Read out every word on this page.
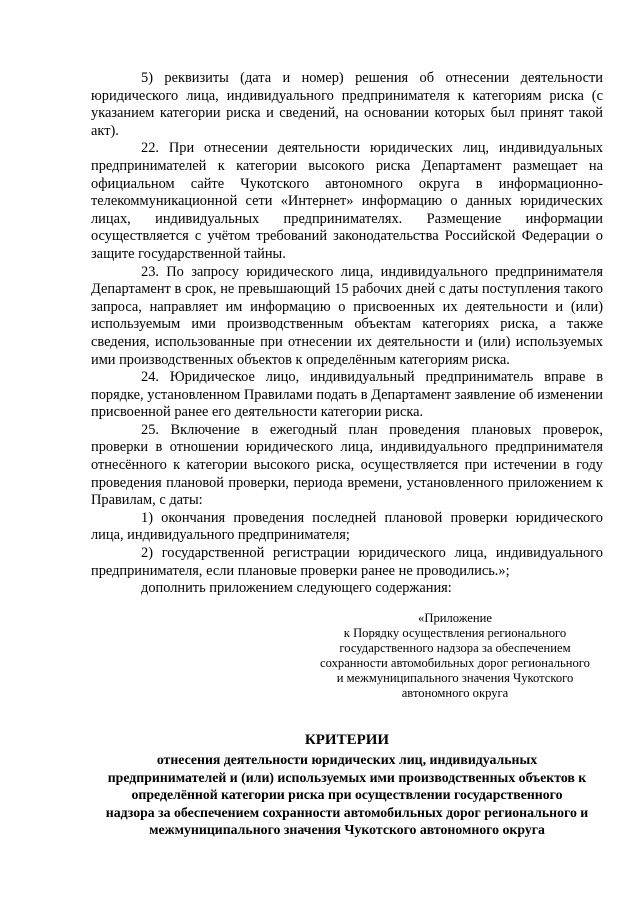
5) реквизиты (дата и номер) решения об отнесении деятельности юридического лица, индивидуального предпринимателя к категориям риска (с указанием категории риска и сведений, на основании которых был принят такой акт).

22. При отнесении деятельности юридических лиц, индивидуальных предпринимателей к категории высокого риска Департамент размещает на официальном сайте Чукотского автономного округа в информационно-телекоммуникационной сети «Интернет» информацию о данных юридических лицах, индивидуальных предпринимателях. Размещение информации осуществляется с учётом требований законодательства Российской Федерации о защите государственной тайны.

23. По запросу юридического лица, индивидуального предпринимателя Департамент в срок, не превышающий 15 рабочих дней с даты поступления такого запроса, направляет им информацию о присвоенных их деятельности и (или) используемым ими производственным объектам категориях риска, а также сведения, использованные при отнесении их деятельности и (или) используемых ими производственных объектов к определённым категориям риска.

24. Юридическое лицо, индивидуальный предприниматель вправе в порядке, установленном Правилами подать в Департамент заявление об изменении присвоенной ранее его деятельности категории риска.

25. Включение в ежегодный план проведения плановых проверок, проверки в отношении юридического лица, индивидуального предпринимателя отнесённого к категории высокого риска, осуществляется при истечении в году проведения плановой проверки, периода времени, установленного приложением к Правилам, с даты:

1) окончания проведения последней плановой проверки юридического лица, индивидуального предпринимателя;

2) государственной регистрации юридического лица, индивидуального предпринимателя, если плановые проверки ранее не проводились.»;

дополнить приложением следующего содержания:

«Приложение
к Порядку осуществления регионального
государственного надзора за обеспечением
сохранности автомобильных дорог регионального
и межмуниципального значения Чукотского
автономного округа
КРИТЕРИИ
отнесения деятельности юридических лиц, индивидуальных
предпринимателей и (или) используемых ими производственных объектов к
определённой категории риска при осуществлении государственного
надзора за обеспечением сохранности автомобильных дорог регионального и
межмуниципального значения Чукотского автономного округа
